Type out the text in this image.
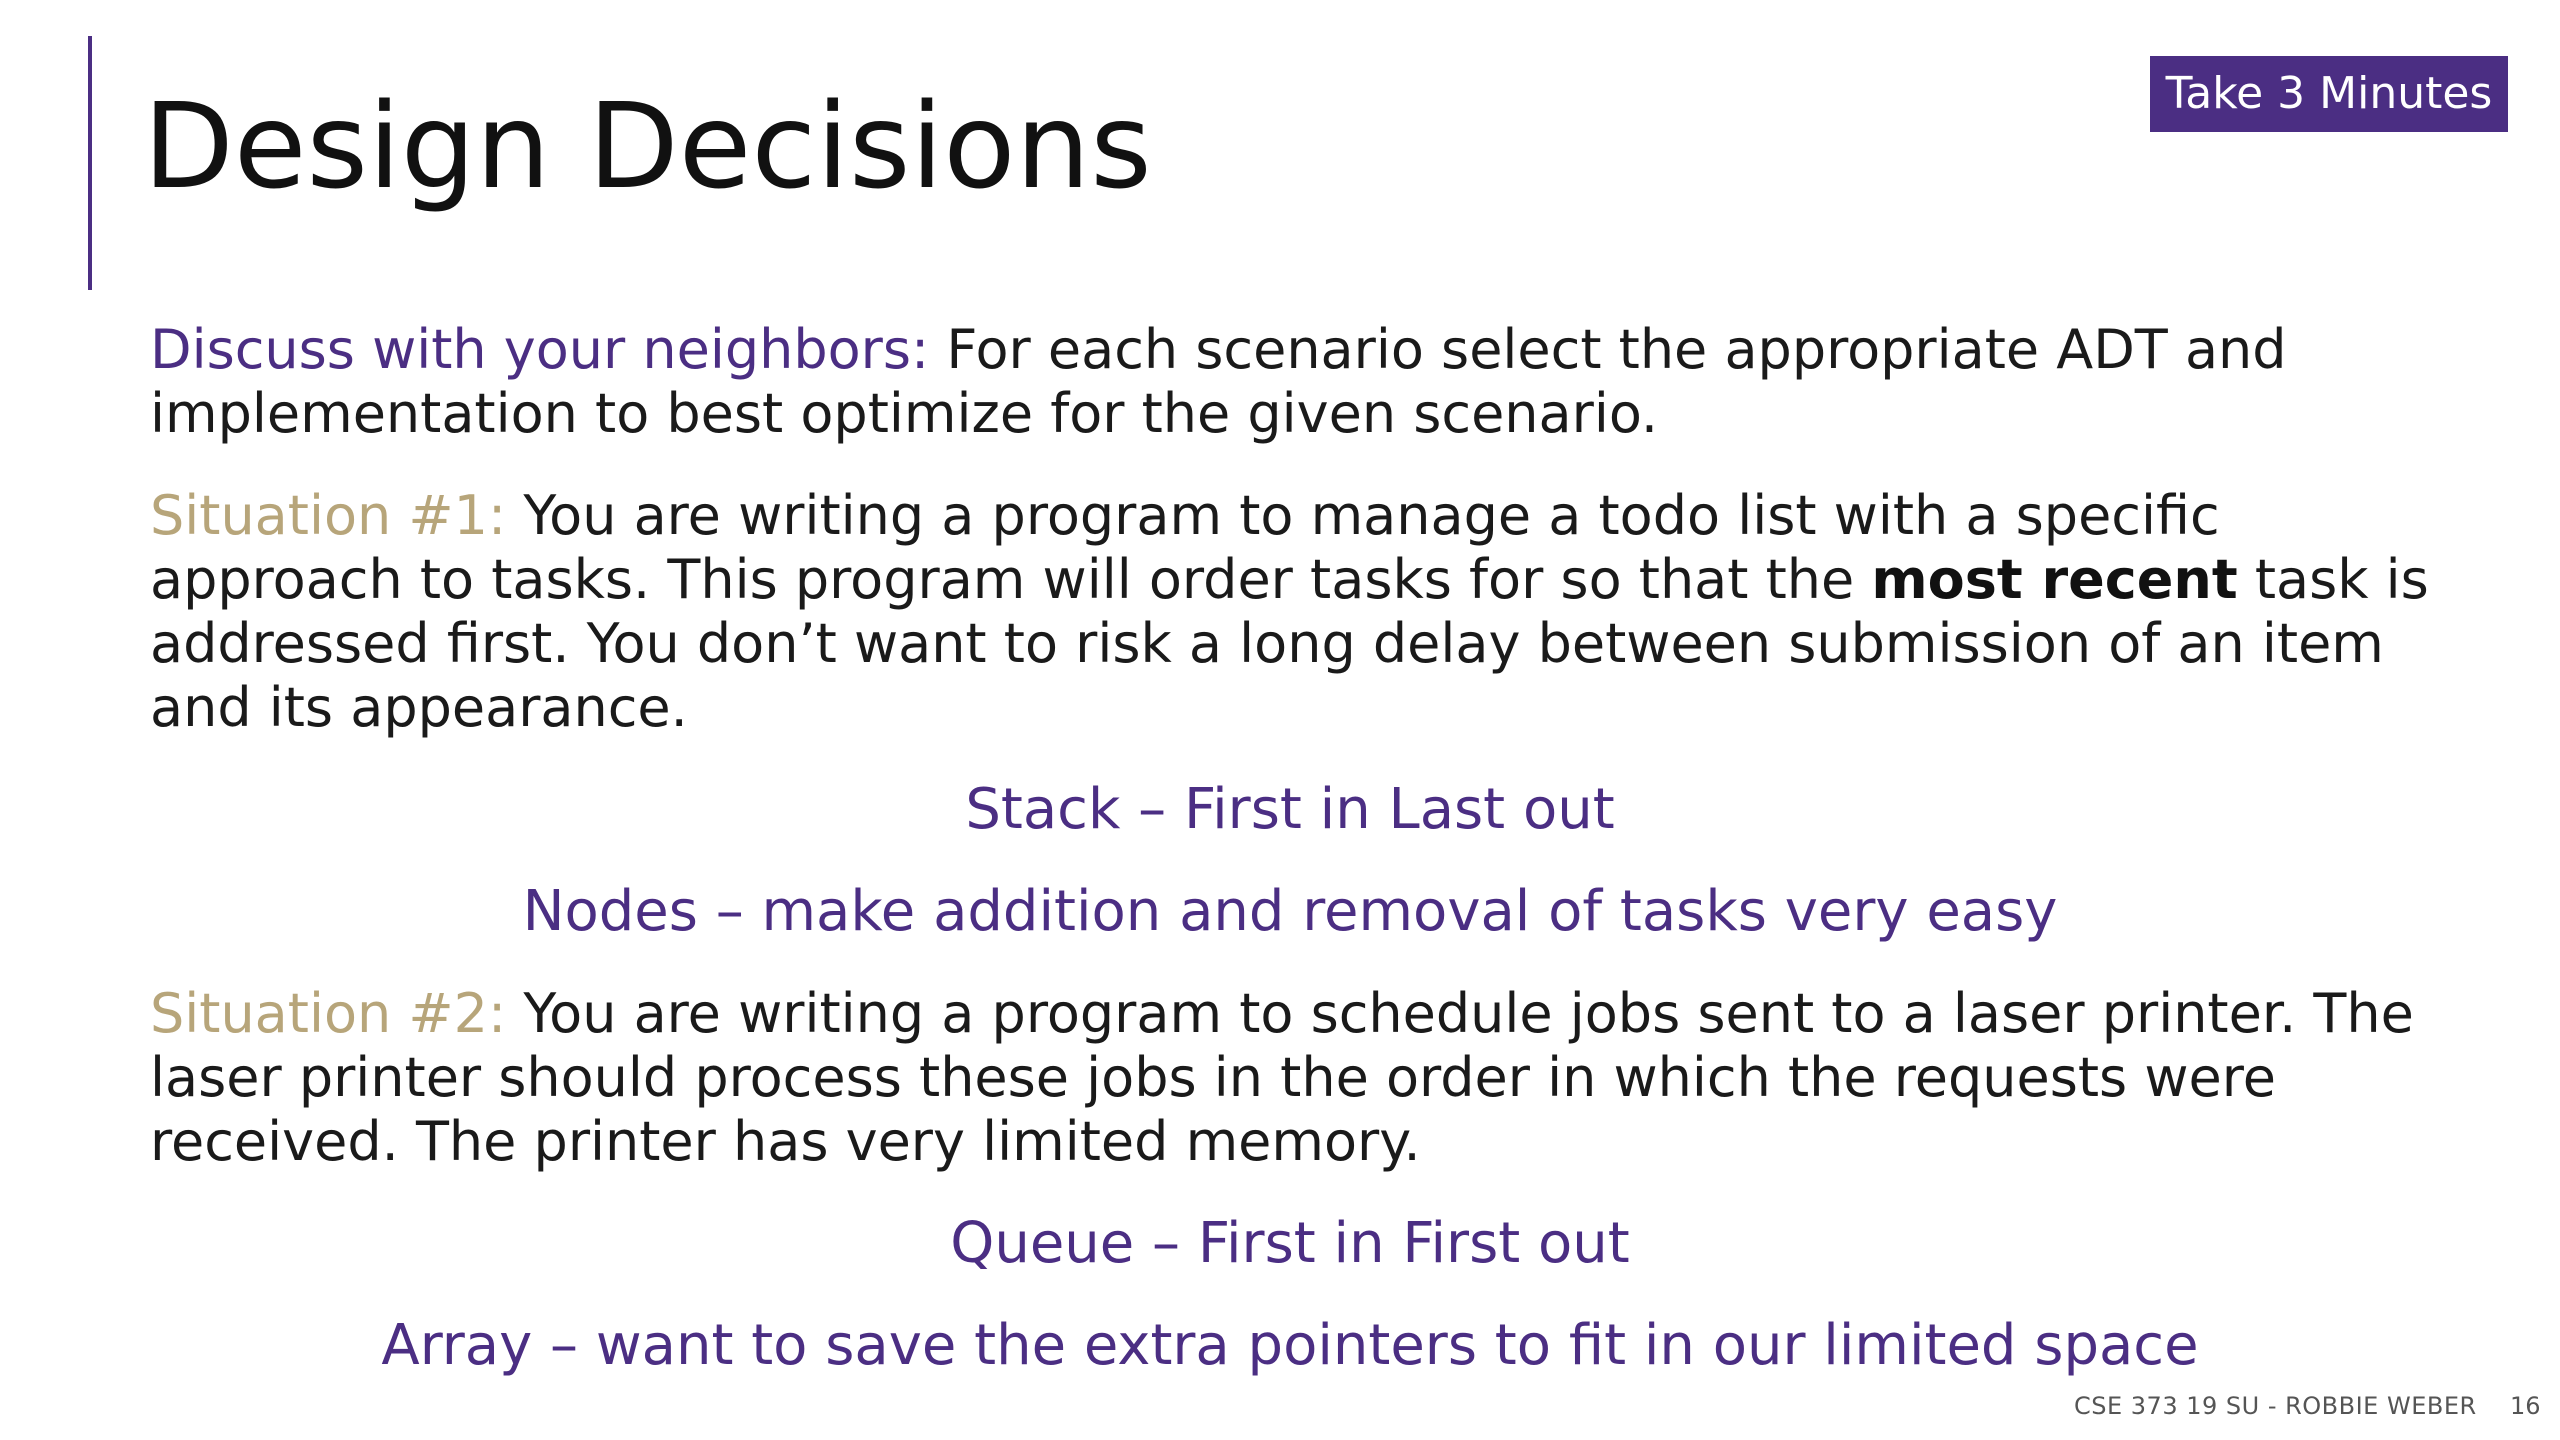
Design Decisions	Take 3 Minutes

Discuss with your neighbors: For each scenario select the appropriate ADT and implementation to best optimize for the given scenario.

Situation #1: You are writing a program to manage a todo list with a specific approach to tasks. This program will order tasks for so that the most recent task is addressed first. You don’t want to risk a long delay between submission of an item and its appearance.

Stack – First in Last out

Nodes – make addition and removal of tasks very easy

Situation #2: You are writing a program to schedule jobs sent to a laser printer. The laser printer should process these jobs in the order in which the requests were received. The printer has very limited memory.

Queue – First in First out

Array – want to save the extra pointers to fit in our limited space

CSE 373 19 SU - ROBBIE WEBER 16
